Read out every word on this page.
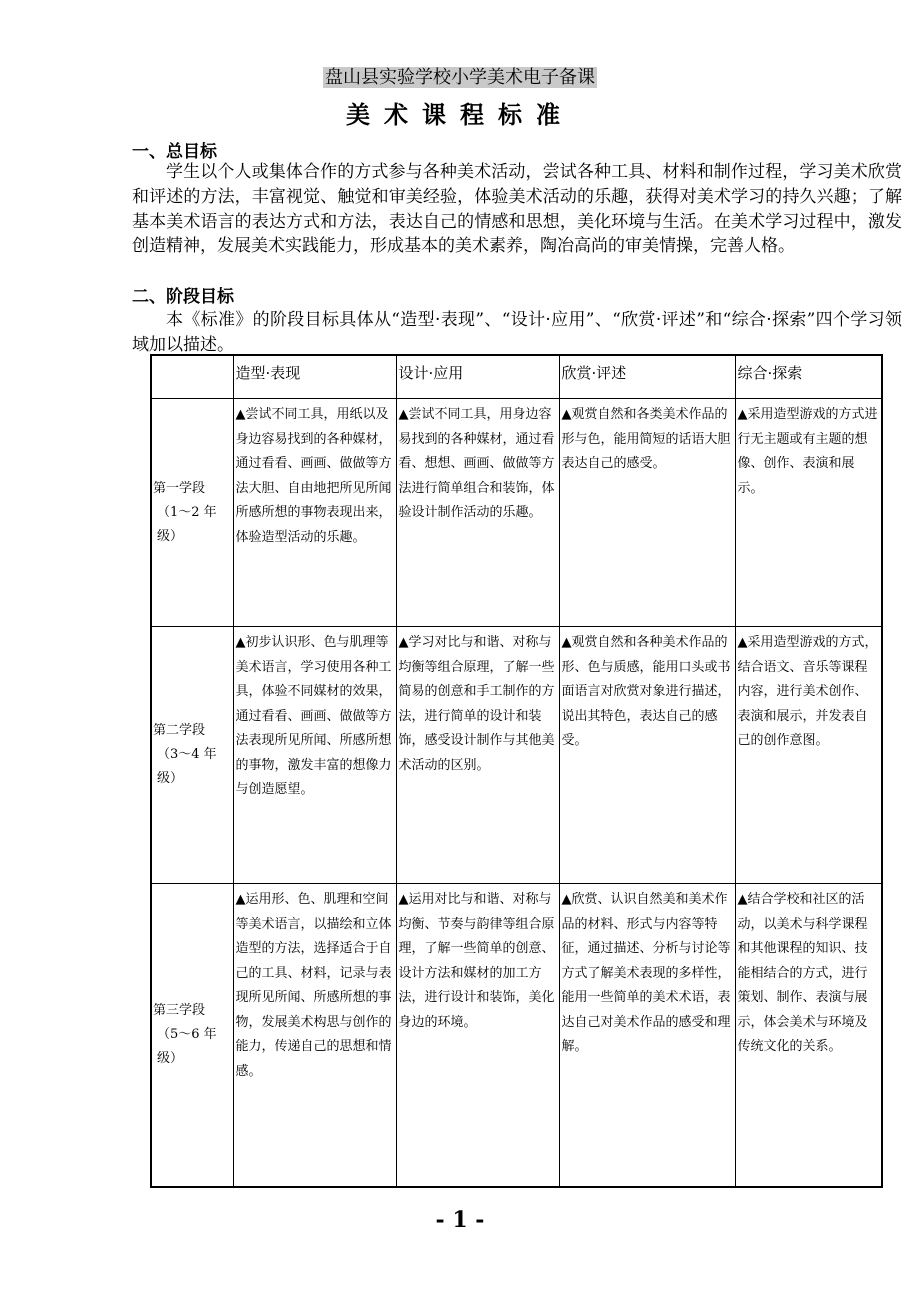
盘山县实验学校小学美术电子备课
美术课程标准
一、总目标

学生以个人或集体合作的方式参与各种美术活动，尝试各种工具、材料和制作过程，学习美术欣赏和评述的方法，丰富视觉、触觉和审美经验，体验美术活动的乐趣，获得对美术学习的持久兴趣；了解基本美术语言的表达方式和方法，表达自己的情感和思想，美化环境与生活。在美术学习过程中，激发创造精神，发展美术实践能力，形成基本的美术素养，陶冶高尚的审美情操，完善人格。

二、阶段目标

本《标准》的阶段目标具体从“造型·表现”、“设计·应用”、“欣赏·评述”和“综合·探索”四个学习领域加以描述。

	造型·表现	设计·应用	欣赏·评述	综合·探索
第一学段

（1～2 年级）	▲尝试不同工具，用纸以及身边容易找到的各种媒材，通过看看、画画、做做等方法大胆、自由地把所见所闻所感所想的事物表现出来，体验造型活动的乐趣。	▲尝试不同工具，用身边容易找到的各种媒材，通过看看、想想、画画、做做等方法进行简单组合和装饰，体验设计制作活动的乐趣。	▲观赏自然和各类美术作品的形与色，能用简短的话语大胆表达自己的感受。	▲采用造型游戏的方式进行无主题或有主题的想像、创作、表演和展示。
第二学段

（3～4 年级）	▲初步认识形、色与肌理等美术语言，学习使用各种工具，体验不同媒材的效果，通过看看、画画、做做等方法表现所见所闻、所感所想的事物，激发丰富的想像力与创造愿望。	▲学习对比与和谐、对称与均衡等组合原理，了解一些简易的创意和手工制作的方法，进行简单的设计和装饰，感受设计制作与其他美术活动的区别。	▲观赏自然和各种美术作品的形、色与质感，能用口头或书面语言对欣赏对象进行描述，说出其特色，表达自己的感受。	▲采用造型游戏的方式，结合语文、音乐等课程内容，进行美术创作、表演和展示，并发表自己的创作意图。
第三学段

（5～6 年级）	▲运用形、色、肌理和空间等美术语言，以描绘和立体造型的方法，选择适合于自己的工具、材料，记录与表现所见所闻、所感所想的事物，发展美术构思与创作的能力，传递自己的思想和情感。	▲运用对比与和谐、对称与均衡、节奏与韵律等组合原理，了解一些简单的创意、设计方法和媒材的加工方法，进行设计和装饰，美化身边的环境。	▲欣赏、认识自然美和美术作品的材料、形式与内容等特征，通过描述、分析与讨论等方式了解美术表现的多样性，能用一些简单的美术术语，表达自己对美术作品的感受和理解。	▲结合学校和社区的活动，以美术与科学课程和其他课程的知识、技能相结合的方式，进行策划、制作、表演与展示，体会美术与环境及传统文化的关系。
- 1 -
